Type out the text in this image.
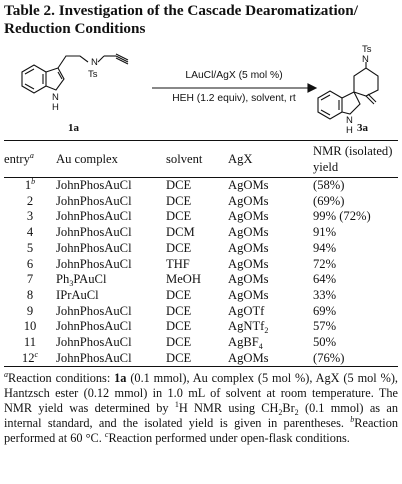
Table 2. Investigation of the Cascade Dearomatization/ Reduction Conditions
N
Ts
N
H
Ts
N
N
H
LAuCl/AgX (5 mol %)
HEH (1.2 equiv), solvent, rt
1a	3a
entry$^a$	Au complex	solvent	AgX	NMR (isolated) yield
1$^b$	JohnPhosAuCl	DCE	AgOMs	(58%)
2	JohnPhosAuCl	DCE	AgOMs	(69%)
3	JohnPhosAuCl	DCE	AgOMs	99% (72%)
4	JohnPhosAuCl	DCM	AgOMs	91%
5	JohnPhosAuCl	DCE	AgOMs	94%
6	JohnPhosAuCl	THF	AgOMs	72%
7	$Ph_3PAuCl$	MeOH	AgOMs	64%
8	IPrAuCl	DCE	AgOMs	33%
9	JohnPhosAuCl	DCE	AgOTf	69%
10	JohnPhosAuCl	DCE	AgNTf$_2$	57%
11	JohnPhosAuCl	DCE	AgBF$_4$	50%
12$^c$	JohnPhosAuCl	DCE	AgOMs	(76%)
$^a$Reaction conditions: 1a (0.1 mmol), Au complex (5 mol %), AgX (5 mol %), Hantzsch ester (0.12 mmol) in 1.0 mL of solvent at room temperature. The NMR yield was determined by $^1$H NMR using $CH_2Br_2$ (0.1 mmol) as an internal standard, and the isolated yield is given in parentheses. $^b$Reaction performed at 60 °C. $^c$Reaction performed under open-flask conditions.
